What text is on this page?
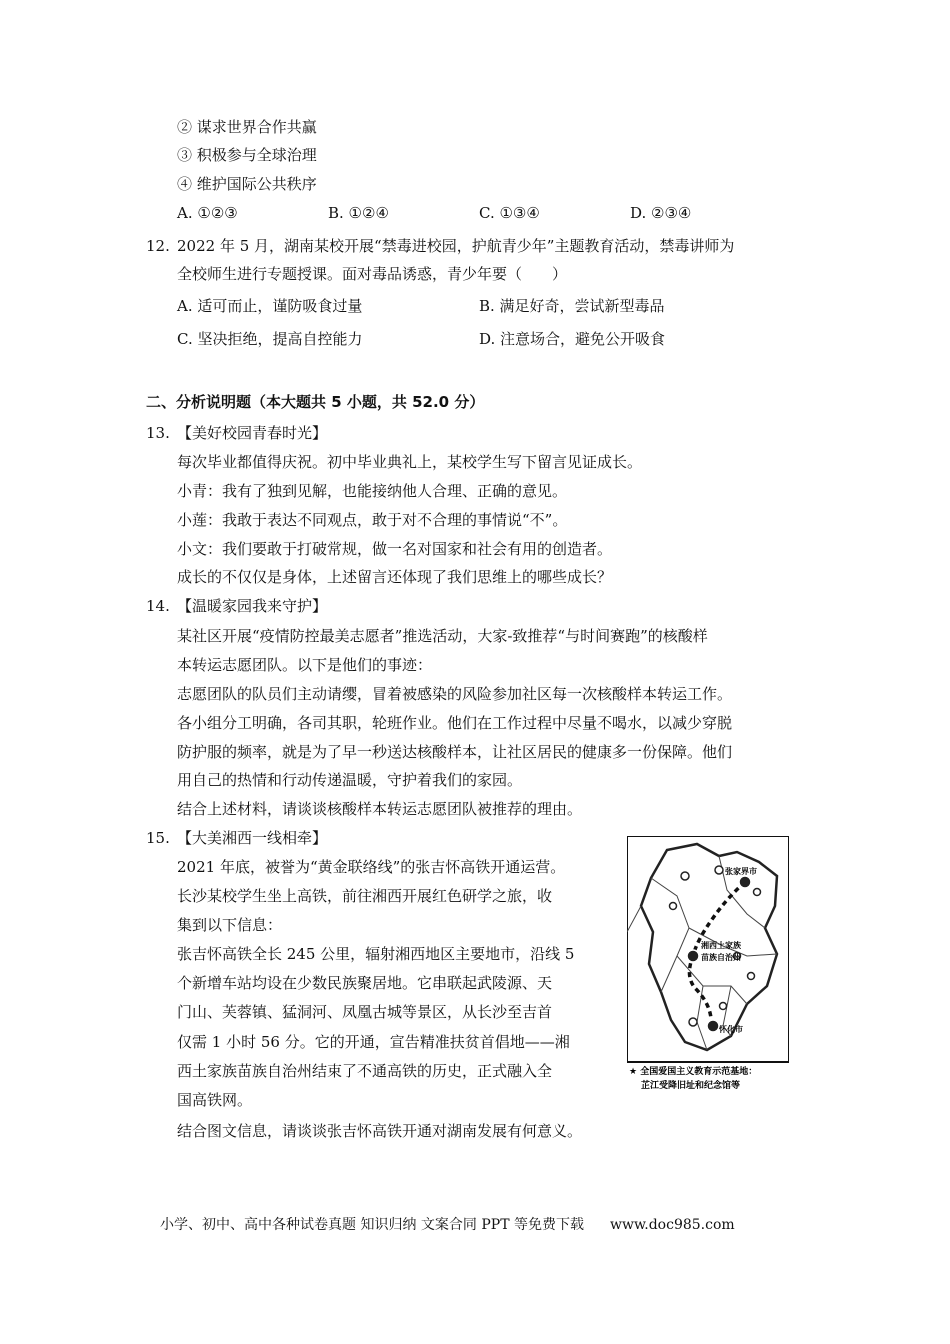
② 谋求世界合作共赢
③ 积极参与全球治理
④ 维护国际公共秩序
A. ①②③	B. ①②④	C. ①③④	D. ②③④
12. 2022 年 5 月，湖南某校开展“禁毒进校园，护航青少年”主题教育活动，禁毒讲师为
全校师生进行专题授课。面对毒品诱惑，青少年要（　　）
A. 适可而止，谨防吸食过量	B. 满足好奇，尝试新型毒品
C. 坚决拒绝，提高自控能力	D. 注意场合，避免公开吸食
二、分析说明题（本大题共 5 小题，共 52.0 分）
13. 【美好校园青春时光】
每次毕业都值得庆祝。初中毕业典礼上，某校学生写下留言见证成长。
小青：我有了独到见解，也能接纳他人合理、正确的意见。
小莲：我敢于表达不同观点，敢于对不合理的事情说“不”。
小文：我们要敢于打破常规，做一名对国家和社会有用的创造者。
成长的不仅仅是身体，上述留言还体现了我们思维上的哪些成长？
14. 【温暖家园我来守护】
某社区开展“疫情防控最美志愿者”推选活动，大家-致推荐“与时间赛跑”的核酸样
本转运志愿团队。以下是他们的事迹：
志愿团队的队员们主动请缨，冒着被感染的风险参加社区每一次核酸样本转运工作。
各小组分工明确，各司其职，轮班作业。他们在工作过程中尽量不喝水，以减少穿脱
防护服的频率，就是为了早一秒送达核酸样本，让社区居民的健康多一份保障。他们
用自己的热情和行动传递温暖，守护着我们的家园。
结合上述材料，请谈谈核酸样本转运志愿团队被推荐的理由。
15. 【大美湘西一线相牵】
2021 年底，被誉为“黄金联络线”的张吉怀高铁开通运营。
长沙某校学生坐上高铁，前往湘西开展红色研学之旅，收
集到以下信息：
张吉怀高铁全长 245 公里，辐射湘西地区主要地市，沿线 5
个新增车站均设在少数民族聚居地。它串联起武陵源、天
门山、芙蓉镇、猛洞河、凤凰古城等景区，从长沙至吉首
仅需 1 小时 56 分。它的开通，宣告精准扶贫首倡地——湘
西土家族苗族自治州结束了不通高铁的历史，正式融入全
国高铁网。
结合图文信息，请谈谈张吉怀高铁开通对湖南发展有何意义。
张家界市
湘西土家族
苗族自治州
怀化市
★ 全国爱国主义教育示范基地：
芷江受降旧址和纪念馆等
小学、初中、高中各种试卷真题 知识归纳 文案合同 PPT 等免费下载 www.doc985.com
